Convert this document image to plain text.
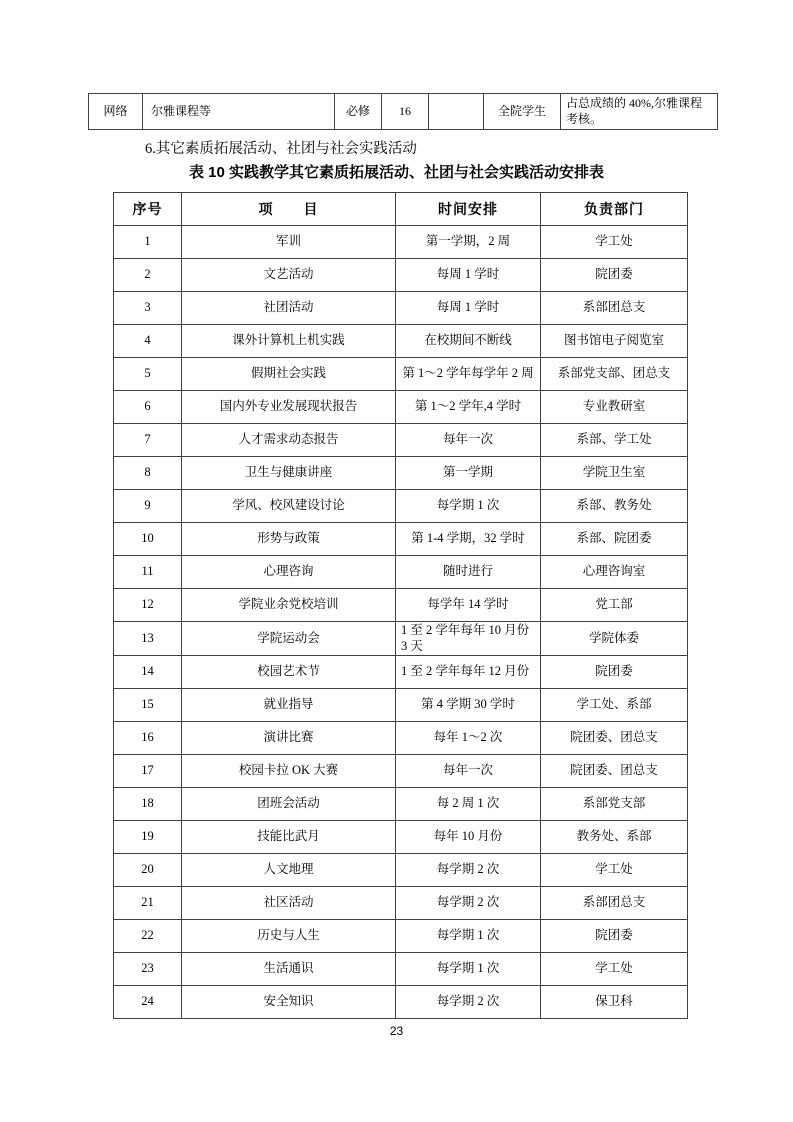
网络	尔雅课程等	必修	16		全院学生	占总成绩的 40%,尔雅课程考核。
6.其它素质拓展活动、社团与社会实践活动
表 10 实践教学其它素质拓展活动、社团与社会实践活动安排表
序号	项　　目	时间安排	负责部门
1	军训	第一学期，2 周	学工处
2	文艺活动	每周 1 学时	院团委
3	社团活动	每周 1 学时	系部团总支
4	课外计算机上机实践	在校期间不断线	图书馆电子阅览室
5	假期社会实践	第 1～2 学年每学年 2 周	系部党支部、团总支
6	国内外专业发展现状报告	第 1～2 学年,4 学时	专业教研室
7	人才需求动态报告	每年一次	系部、学工处
8	卫生与健康讲座	第一学期	学院卫生室
9	学风、校风建设讨论	每学期 1 次	系部、教务处
10	形势与政策	第 1-4 学期，32 学时	系部、院团委
11	心理咨询	随时进行	心理咨询室
12	学院业余党校培训	每学年 14 学时	党工部
13	学院运动会	1 至 2 学年每年 10 月份 3 天	学院体委
14	校园艺术节	1 至 2 学年每年 12 月份	院团委
15	就业指导	第 4 学期 30 学时	学工处、系部
16	演讲比赛	每年 1～2 次	院团委、团总支
17	校园卡拉 OK 大赛	每年一次	院团委、团总支
18	团班会活动	每 2 周 1 次	系部党支部
19	技能比武月	每年 10 月份	教务处、系部
20	人文地理	每学期 2 次	学工处
21	社区活动	每学期 2 次	系部团总支
22	历史与人生	每学期 1 次	院团委
23	生活通识	每学期 1 次	学工处
24	安全知识	每学期 2 次	保卫科
23
